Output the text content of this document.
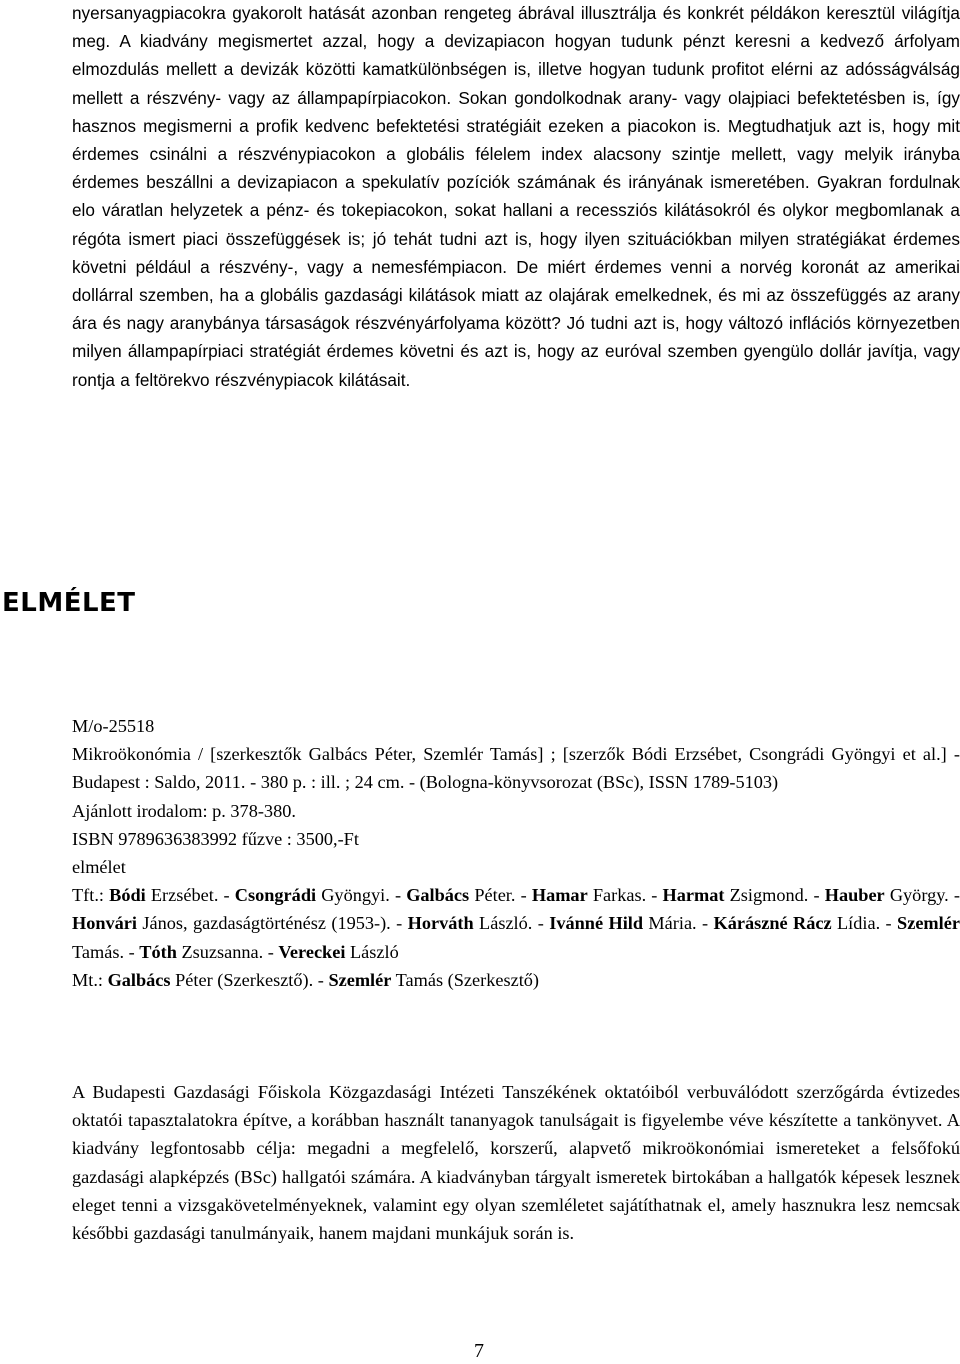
nyersanyagpiacokra gyakorolt hatását azonban rengeteg ábrával illusztrálja és konkrét példákon keresztül világítja meg. A kiadvány megismertet azzal, hogy a devizapiacon hogyan tudunk pénzt keresni a kedvező árfolyam elmozdulás mellett a devizák közötti kamatkülönbségen is, illetve hogyan tudunk profitot elérni az adósságválság mellett a részvény- vagy az állampapírpiacokon. Sokan gondolkodnak arany- vagy olajpiaci befektetésben is, így hasznos megismerni a profik kedvenc befektetési stratégiáit ezeken a piacokon is. Megtudhatjuk azt is, hogy mit érdemes csinálni a részvénypiacokon a globális félelem index alacsony szintje mellett, vagy melyik irányba érdemes beszállni a devizapiacon a spekulatív pozíciók számának és irányának ismeretében. Gyakran fordulnak elo váratlan helyzetek a pénz- és tokepiacokon, sokat hallani a recessziós kilátásokról és olykor megbomlanak a régóta ismert piaci összefüggések is; jó tehát tudni azt is, hogy ilyen szituációkban milyen stratégiákat érdemes követni például a részvény-, vagy a nemesfémpiacon. De miért érdemes venni a norvég koronát az amerikai dollárral szemben, ha a globális gazdasági kilátások miatt az olajárak emelkednek, és mi az összefüggés az arany ára és nagy aranybánya társaságok részvényárfolyama között? Jó tudni azt is, hogy változó inflációs környezetben milyen állampapírpiaci stratégiát érdemes követni és azt is, hogy az euróval szemben gyengülo dollár javítja, vagy rontja a feltörekvo részvénypiacok kilátásait.

ELMÉLET
M/o-25518
Mikroökonómia / [szerkesztők Galbács Péter, Szemlér Tamás] ; [szerzők Bódi Erzsébet, Csongrádi Gyöngyi et al.] -Budapest : Saldo, 2011. - 380 p. : ill. ; 24 cm. - (Bologna-könyvsorozat (BSc), ISSN 1789-5103)
Ajánlott irodalom: p. 378-380.
ISBN 9789636383992 fűzve : 3500,-Ft
elmélet
Tft.: Bódi Erzsébet. - Csongrádi Gyöngyi. - Galbács Péter. - Hamar Farkas. - Harmat Zsigmond. - Hauber György. - Honvári János, gazdaságtörténész (1953-). - Horváth László. - Ivánné Hild Mária. - Kárászné Rácz Lídia. - Szemlér Tamás. - Tóth Zsuzsanna. - Vereckei László
Mt.: Galbács Péter (Szerkesztő). - Szemlér Tamás (Szerkesztő)

A Budapesti Gazdasági Főiskola Közgazdasági Intézeti Tanszékének oktatóiból verbuválódott szerzőgárda évtizedes oktatói tapasztalatokra építve, a korábban használt tananyagok tanulságait is figyelembe véve készítette a tankönyvet. A kiadvány legfontosabb célja: megadni a megfelelő, korszerű, alapvető mikroökonómiai ismereteket a felsőfokú gazdasági alapképzés (BSc) hallgatói számára. A kiadványban tárgyalt ismeretek birtokában a hallgatók képesek lesznek eleget tenni a vizsgakövetelményeknek, valamint egy olyan szemléletet sajátíthatnak el, amely hasznukra lesz nemcsak későbbi gazdasági tanulmányaik, hanem majdani munkájuk során is.

7
